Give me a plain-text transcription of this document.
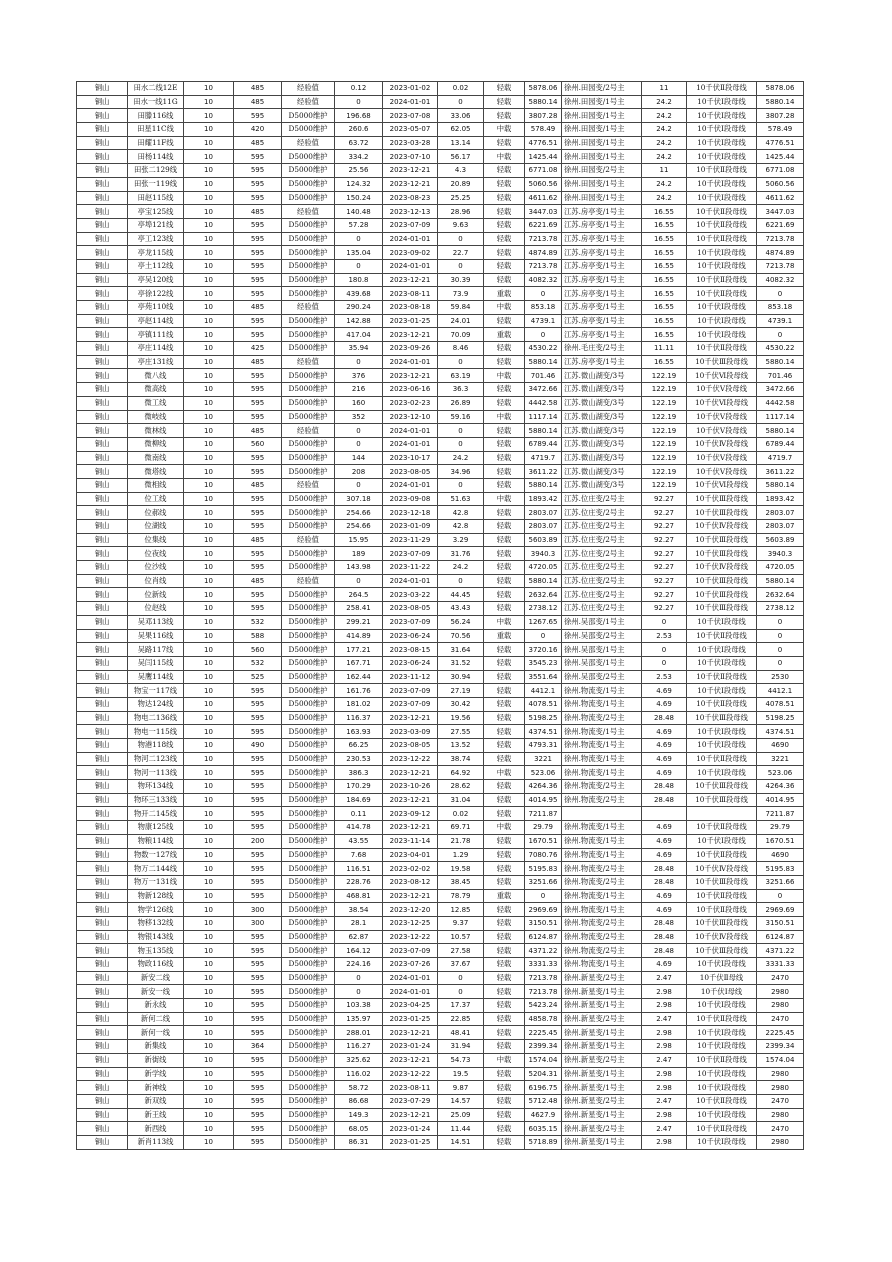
铜山	田水二线12E	10	485	经验值	0.12	2023-01-02	0.02	轻载	5878.06	徐州.田园变/2号主	11	10千伏Ⅱ段母线	5878.06
铜山	田水一线11G	10	485	经验值	0	2024-01-01	0	轻载	5880.14	徐州.田园变/1号主	24.2	10千伏Ⅰ段母线	5880.14
铜山	田滕116线	10	595	D5000维护	196.68	2023-07-08	33.06	轻载	3807.28	徐州.田园变/1号主	24.2	10千伏Ⅰ段母线	3807.28
铜山	田星11C线	10	420	D5000维护	260.6	2023-05-07	62.05	中载	578.49	徐州.田园变/1号主	24.2	10千伏Ⅰ段母线	578.49
铜山	田耀11F线	10	485	经验值	63.72	2023-03-28	13.14	轻载	4776.51	徐州.田园变/1号主	24.2	10千伏Ⅰ段母线	4776.51
铜山	田杨114线	10	595	D5000维护	334.2	2023-07-10	56.17	中载	1425.44	徐州.田园变/1号主	24.2	10千伏Ⅰ段母线	1425.44
铜山	田张二129线	10	595	D5000维护	25.56	2023-12-21	4.3	轻载	6771.08	徐州.田园变/2号主	11	10千伏Ⅱ段母线	6771.08
铜山	田张一119线	10	595	D5000维护	124.32	2023-12-21	20.89	轻载	5060.56	徐州.田园变/1号主	24.2	10千伏Ⅰ段母线	5060.56
铜山	田赵115线	10	595	D5000维护	150.24	2023-08-23	25.25	轻载	4611.62	徐州.田园变/1号主	24.2	10千伏Ⅰ段母线	4611.62
铜山	亭宝125线	10	485	经验值	140.48	2023-12-13	28.96	轻载	3447.03	江苏.房亭变/1号主	16.55	10千伏Ⅱ段母线	3447.03
铜山	亭埠121线	10	595	D5000维护	57.28	2023-07-09	9.63	轻载	6221.69	江苏.房亭变/1号主	16.55	10千伏Ⅱ段母线	6221.69
铜山	亭工123线	10	595	D5000维护	0	2024-01-01	0	轻载	7213.78	江苏.房亭变/1号主	16.55	10千伏Ⅱ段母线	7213.78
铜山	亭龙115线	10	595	D5000维护	135.04	2023-09-02	22.7	轻载	4874.89	江苏.房亭变/1号主	16.55	10千伏Ⅰ段母线	4874.89
铜山	亭土112线	10	595	D5000维护	0	2024-01-01	0	轻载	7213.78	江苏.房亭变/1号主	16.55	10千伏Ⅰ段母线	7213.78
铜山	亭吴120线	10	595	D5000维护	180.8	2023-12-21	30.39	轻载	4082.32	江苏.房亭变/1号主	16.55	10千伏Ⅱ段母线	4082.32
铜山	亭徐122线	10	595	D5000维护	439.68	2023-08-11	73.9	重载	0	江苏.房亭变/1号主	16.55	10千伏Ⅱ段母线	0
铜山	亭苑110线	10	485	经验值	290.24	2023-08-18	59.84	中载	853.18	江苏.房亭变/1号主	16.55	10千伏Ⅰ段母线	853.18
铜山	亭赵114线	10	595	D5000维护	142.88	2023-01-25	24.01	轻载	4739.1	江苏.房亭变/1号主	16.55	10千伏Ⅰ段母线	4739.1
铜山	亭镇111线	10	595	D5000维护	417.04	2023-12-21	70.09	重载	0	江苏.房亭变/1号主	16.55	10千伏Ⅰ段母线	0
铜山	亭庄114线	10	425	D5000维护	35.94	2023-09-26	8.46	轻载	4530.22	徐州.毛庄变/2号主	11.11	10千伏Ⅱ段母线	4530.22
铜山	亭庄131线	10	485	经验值	0	2024-01-01	0	轻载	5880.14	江苏.房亭变/1号主	16.55	10千伏Ⅲ段母线	5880.14
铜山	微八线	10	595	D5000维护	376	2023-12-21	63.19	中载	701.46	江苏.微山湖变/3号	122.19	10千伏Ⅵ段母线	701.46
铜山	微高线	10	595	D5000维护	216	2023-06-16	36.3	轻载	3472.66	江苏.微山湖变/3号	122.19	10千伏Ⅴ段母线	3472.66
铜山	微工线	10	595	D5000维护	160	2023-02-23	26.89	轻载	4442.58	江苏.微山湖变/3号	122.19	10千伏Ⅵ段母线	4442.58
铜山	微岐线	10	595	D5000维护	352	2023-12-10	59.16	中载	1117.14	江苏.微山湖变/3号	122.19	10千伏Ⅴ段母线	1117.14
铜山	微林线	10	485	经验值	0	2024-01-01	0	轻载	5880.14	江苏.微山湖变/3号	122.19	10千伏Ⅴ段母线	5880.14
铜山	微柳线	10	560	D5000维护	0	2024-01-01	0	轻载	6789.44	江苏.微山湖变/3号	122.19	10千伏Ⅳ段母线	6789.44
铜山	微南线	10	595	D5000维护	144	2023-10-17	24.2	轻载	4719.7	江苏.微山湖变/3号	122.19	10千伏Ⅴ段母线	4719.7
铜山	微塔线	10	595	D5000维护	208	2023-08-05	34.96	轻载	3611.22	江苏.微山湖变/3号	122.19	10千伏Ⅴ段母线	3611.22
铜山	微相线	10	485	经验值	0	2024-01-01	0	轻载	5880.14	江苏.微山湖变/3号	122.19	10千伏Ⅵ段母线	5880.14
铜山	位工线	10	595	D5000维护	307.18	2023-09-08	51.63	中载	1893.42	江苏.位庄变/2号主	92.27	10千伏Ⅲ段母线	1893.42
铜山	位郝线	10	595	D5000维护	254.66	2023-12-18	42.8	轻载	2803.07	江苏.位庄变/2号主	92.27	10千伏Ⅲ段母线	2803.07
铜山	位湖线	10	595	D5000维护	254.66	2023-01-09	42.8	轻载	2803.07	江苏.位庄变/2号主	92.27	10千伏Ⅳ段母线	2803.07
铜山	位集线	10	485	经验值	15.95	2023-11-29	3.29	轻载	5603.89	江苏.位庄变/2号主	92.27	10千伏Ⅲ段母线	5603.89
铜山	位夜线	10	595	D5000维护	189	2023-07-09	31.76	轻载	3940.3	江苏.位庄变/2号主	92.27	10千伏Ⅲ段母线	3940.3
铜山	位沙线	10	595	D5000维护	143.98	2023-11-22	24.2	轻载	4720.05	江苏.位庄变/2号主	92.27	10千伏Ⅳ段母线	4720.05
铜山	位肖线	10	485	经验值	0	2024-01-01	0	轻载	5880.14	江苏.位庄变/2号主	92.27	10千伏Ⅲ段母线	5880.14
铜山	位新线	10	595	D5000维护	264.5	2023-03-22	44.45	轻载	2632.64	江苏.位庄变/2号主	92.27	10千伏Ⅲ段母线	2632.64
铜山	位赵线	10	595	D5000维护	258.41	2023-08-05	43.43	轻载	2738.12	江苏.位庄变/2号主	92.27	10千伏Ⅲ段母线	2738.12
铜山	吴邓113线	10	532	D5000维护	299.21	2023-07-09	56.24	中载	1267.65	徐州.吴邵变/1号主	0	10千伏Ⅰ段母线	0
铜山	吴果116线	10	588	D5000维护	414.89	2023-06-24	70.56	重载	0	徐州.吴邵变/2号主	2.53	10千伏Ⅱ段母线	0
铜山	吴路117线	10	560	D5000维护	177.21	2023-08-15	31.64	轻载	3720.16	徐州.吴邵变/1号主	0	10千伏Ⅰ段母线	0
铜山	吴闫115线	10	532	D5000维护	167.71	2023-06-24	31.52	轻载	3545.23	徐州.吴邵变/1号主	0	10千伏Ⅰ段母线	0
铜山	吴鹰114线	10	525	D5000维护	162.44	2023-11-12	30.94	轻载	3551.64	徐州.吴邵变/2号主	2.53	10千伏Ⅱ段母线	2530
铜山	物宝一117线	10	595	D5000维护	161.76	2023-07-09	27.19	轻载	4412.1	徐州.物流变/1号主	4.69	10千伏Ⅰ段母线	4412.1
铜山	物达124线	10	595	D5000维护	181.02	2023-07-09	30.42	轻载	4078.51	徐州.物流变/1号主	4.69	10千伏Ⅱ段母线	4078.51
铜山	物电二136线	10	595	D5000维护	116.37	2023-12-21	19.56	轻载	5198.25	徐州.物流变/2号主	28.48	10千伏Ⅲ段母线	5198.25
铜山	物电一115线	10	595	D5000维护	163.93	2023-03-09	27.55	轻载	4374.51	徐州.物流变/1号主	4.69	10千伏Ⅰ段母线	4374.51
铜山	物港118线	10	490	D5000维护	66.25	2023-08-05	13.52	轻载	4793.31	徐州.物流变/1号主	4.69	10千伏Ⅰ段母线	4690
铜山	物河二123线	10	595	D5000维护	230.53	2023-12-22	38.74	轻载	3221	徐州.物流变/1号主	4.69	10千伏Ⅱ段母线	3221
铜山	物河一113线	10	595	D5000维护	386.3	2023-12-21	64.92	中载	523.06	徐州.物流变/1号主	4.69	10千伏Ⅰ段母线	523.06
铜山	物环134线	10	595	D5000维护	170.29	2023-10-26	28.62	轻载	4264.36	徐州.物流变/2号主	28.48	10千伏Ⅲ段母线	4264.36
铜山	物环三133线	10	595	D5000维护	184.69	2023-12-21	31.04	轻载	4014.95	徐州.物流变/2号主	28.48	10千伏Ⅲ段母线	4014.95
铜山	物开二145线	10	595	D5000维护	0.11	2023-09-12	0.02	轻载	7211.87				7211.87
铜山	物康125线	10	595	D5000维护	414.78	2023-12-21	69.71	中载	29.79	徐州.物流变/1号主	4.69	10千伏Ⅱ段母线	29.79
铜山	物粮114线	10	200	D5000维护	43.55	2023-11-14	21.78	轻载	1670.51	徐州.物流变/1号主	4.69	10千伏Ⅰ段母线	1670.51
铜山	物数一127线	10	595	D5000维护	7.68	2023-04-01	1.29	轻载	7080.76	徐州.物流变/1号主	4.69	10千伏Ⅱ段母线	4690
铜山	物万二144线	10	595	D5000维护	116.51	2023-02-02	19.58	轻载	5195.83	徐州.物流变/2号主	28.48	10千伏Ⅳ段母线	5195.83
铜山	物万一131线	10	595	D5000维护	228.76	2023-08-12	38.45	轻载	3251.66	徐州.物流变/2号主	28.48	10千伏Ⅲ段母线	3251.66
铜山	物新128线	10	595	D5000维护	468.81	2023-12-21	78.79	重载	0	徐州.物流变/1号主	4.69	10千伏Ⅱ段母线	0
铜山	物学126线	10	300	D5000维护	38.54	2023-12-20	12.85	轻载	2969.69	徐州.物流变/1号主	4.69	10千伏Ⅱ段母线	2969.69
铜山	物移132线	10	300	D5000维护	28.1	2023-12-25	9.37	轻载	3150.51	徐州.物流变/2号主	28.48	10千伏Ⅲ段母线	3150.51
铜山	物银143线	10	595	D5000维护	62.87	2023-12-22	10.57	轻载	6124.87	徐州.物流变/2号主	28.48	10千伏Ⅳ段母线	6124.87
铜山	物玉135线	10	595	D5000维护	164.12	2023-07-09	27.58	轻载	4371.22	徐州.物流变/2号主	28.48	10千伏Ⅲ段母线	4371.22
铜山	物政116线	10	595	D5000维护	224.16	2023-07-26	37.67	轻载	3331.33	徐州.物流变/1号主	4.69	10千伏Ⅰ段母线	3331.33
铜山	新安二线	10	595	D5000维护	0	2024-01-01	0	轻载	7213.78	徐州.新星变/2号主	2.47	10千伏Ⅱ母线	2470
铜山	新安一线	10	595	D5000维护	0	2024-01-01	0	轻载	7213.78	徐州.新星变/1号主	2.98	10千伏Ⅰ母线	2980
铜山	新永线	10	595	D5000维护	103.38	2023-04-25	17.37	轻载	5423.24	徐州.新星变/1号主	2.98	10千伏Ⅰ段母线	2980
铜山	新何二线	10	595	D5000维护	135.97	2023-01-25	22.85	轻载	4858.78	徐州.新星变/2号主	2.47	10千伏Ⅱ段母线	2470
铜山	新何一线	10	595	D5000维护	288.01	2023-12-21	48.41	轻载	2225.45	徐州.新星变/1号主	2.98	10千伏Ⅰ段母线	2225.45
铜山	新集线	10	364	D5000维护	116.27	2023-01-24	31.94	轻载	2399.34	徐州.新星变/1号主	2.98	10千伏Ⅰ段母线	2399.34
铜山	新街线	10	595	D5000维护	325.62	2023-12-21	54.73	中载	1574.04	徐州.新星变/2号主	2.47	10千伏Ⅱ段母线	1574.04
铜山	新学线	10	595	D5000维护	116.02	2023-12-22	19.5	轻载	5204.31	徐州.新星变/1号主	2.98	10千伏Ⅰ段母线	2980
铜山	新神线	10	595	D5000维护	58.72	2023-08-11	9.87	轻载	6196.75	徐州.新星变/1号主	2.98	10千伏Ⅰ段母线	2980
铜山	新双线	10	595	D5000维护	86.68	2023-07-29	14.57	轻载	5712.48	徐州.新星变/2号主	2.47	10千伏Ⅱ段母线	2470
铜山	新王线	10	595	D5000维护	149.3	2023-12-21	25.09	轻载	4627.9	徐州.新星变/1号主	2.98	10千伏Ⅰ段母线	2980
铜山	新西线	10	595	D5000维护	68.05	2023-01-24	11.44	轻载	6035.15	徐州.新星变/2号主	2.47	10千伏Ⅱ段母线	2470
铜山	新肖113线	10	595	D5000维护	86.31	2023-01-25	14.51	轻载	5718.89	徐州.新星变/1号主	2.98	10千伏Ⅰ段母线	2980
